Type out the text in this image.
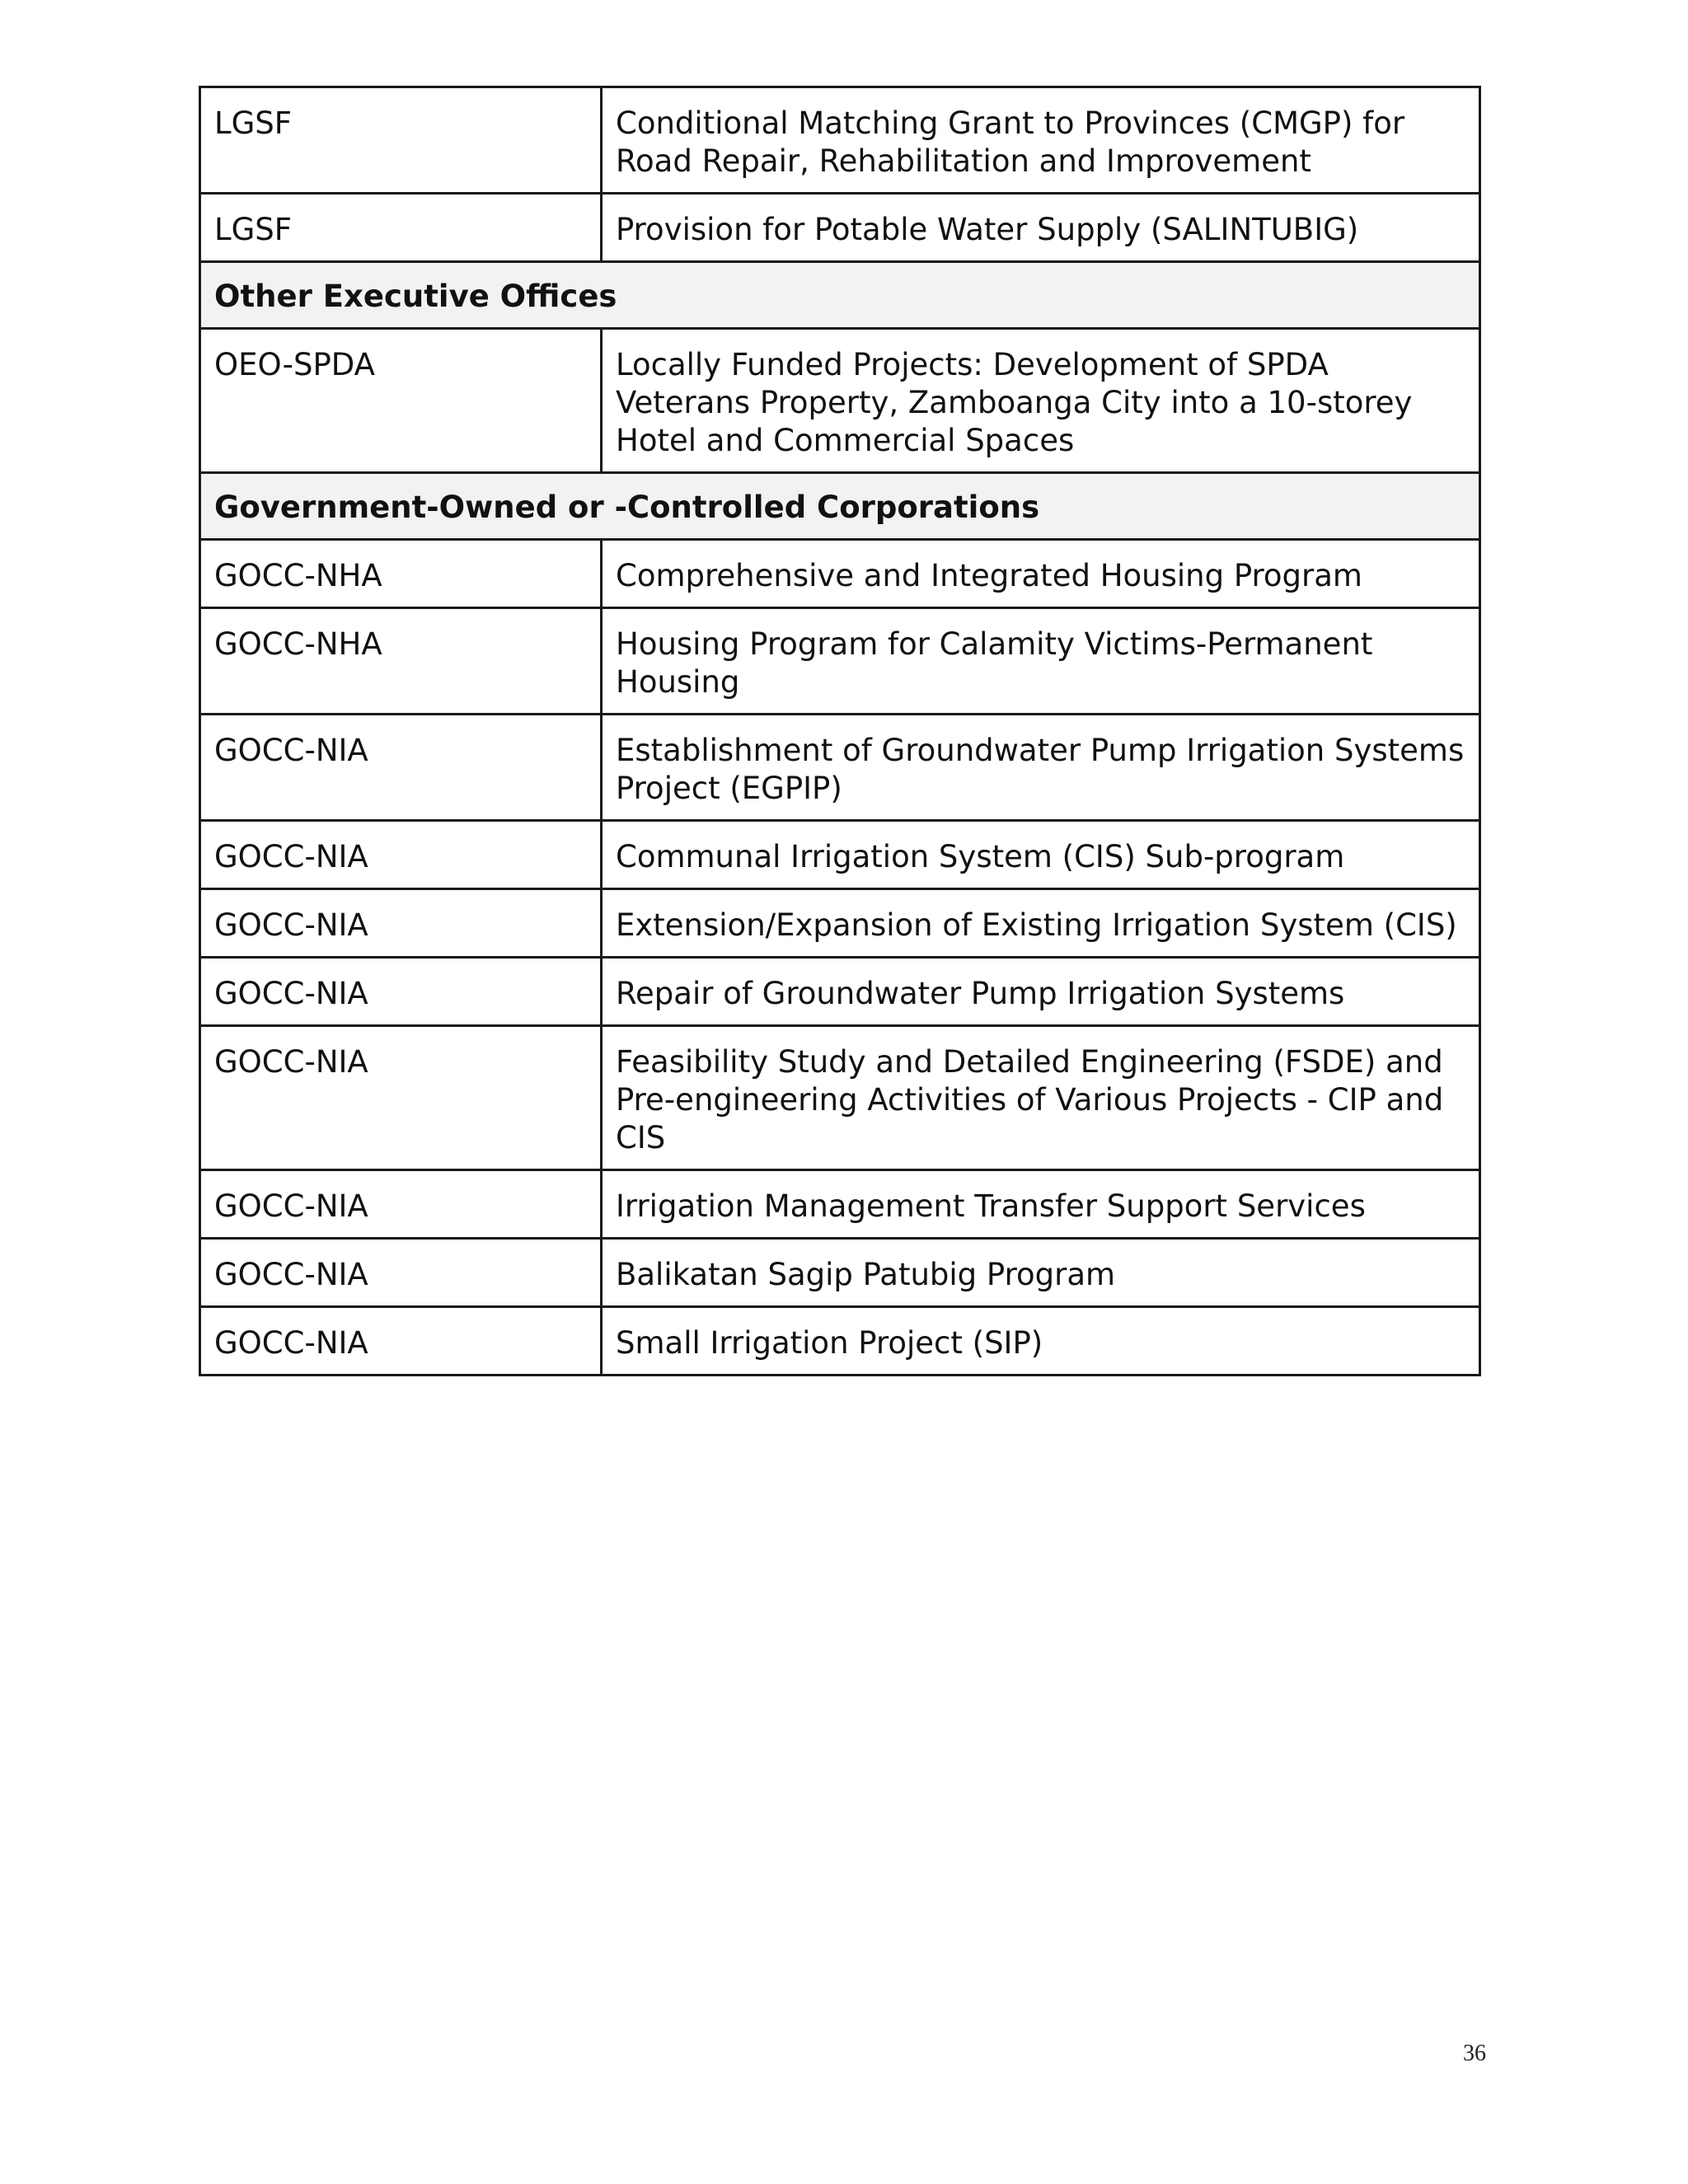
LGSF	Conditional Matching Grant to Provinces (CMGP) for Road Repair, Rehabilitation and Improvement
LGSF	Provision for Potable Water Supply (SALINTUBIG)
Other Executive Offices	
OEO-SPDA	Locally Funded Projects: Development of SPDA Veterans Property, Zamboanga City into a 10-storey Hotel and Commercial Spaces
Government-Owned or -Controlled Corporations	
GOCC-NHA	Comprehensive and Integrated Housing Program
GOCC-NHA	Housing Program for Calamity Victims-Permanent Housing
GOCC-NIA	Establishment of Groundwater Pump Irrigation Systems Project (EGPIP)
GOCC-NIA	Communal Irrigation System (CIS) Sub-program
GOCC-NIA	Extension/Expansion of Existing Irrigation System (CIS)
GOCC-NIA	Repair of Groundwater Pump Irrigation Systems
GOCC-NIA	Feasibility Study and Detailed Engineering (FSDE) and Pre-engineering Activities of Various Projects - CIP and CIS
GOCC-NIA	Irrigation Management Transfer Support Services
GOCC-NIA	Balikatan Sagip Patubig Program
GOCC-NIA	Small Irrigation Project (SIP)
36
